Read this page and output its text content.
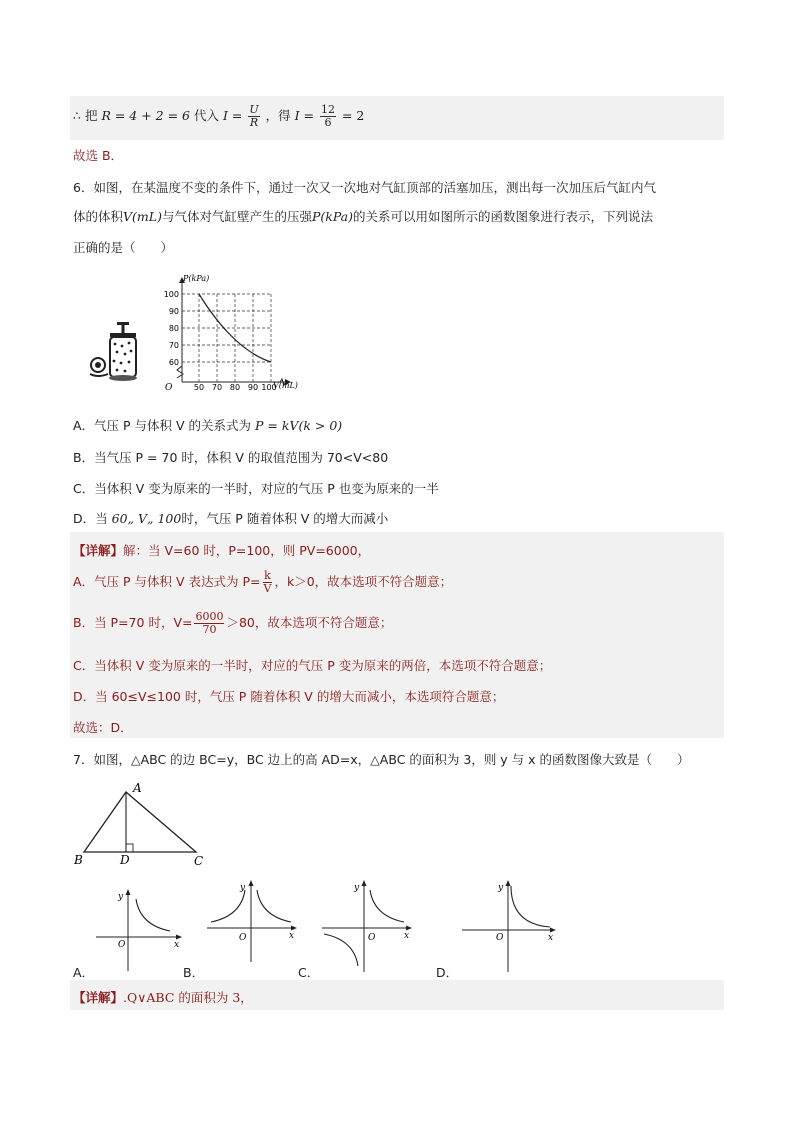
∴ 把 R = 4 + 2 = 6 代入 $I = \frac{U}{R}$ ，得 $I = \frac{12}{6} = 2$
故选 B．
6．如图，在某温度不变的条件下，通过一次又一次地对气缸顶部的活塞加压，测出每一次加压后气缸内气
体的体积V(mL)与气体对气缸壁产生的压强P(kPa)的关系可以用如图所示的函数图象进行表示，下列说法
正确的是（　　）
P(kPa)
V(mL)
O
100
90
80
70
60
50 70 80 90 100
A．气压 P 与体积 V 的关系式为 P = kV(k > 0)
B．当气压 P = 70 时，体积 V 的取值范围为 70<V<80
C．当体积 V 变为原来的一半时，对应的气压 P 也变为原来的一半
D．当 60„ V„ 100时，气压 P 随着体积 V 的增大而减小
【详解】解：当 V=60 时，P=100，则 PV=6000，
A．气压 P 与体积 V 表达式为 $P= \frac{k}{V}$ ，k＞0，故本选项不符合题意；
B．当 P=70 时，$V= \frac{6000}{70} >80$，故本选项不符合题意；
C．当体积 V 变为原来的一半时，对应的气压 P 变为原来的两倍，本选项不符合题意；
D．当 60≤V≤100 时，气压 P 随着体积 V 的增大而减小，本选项符合题意；
故选：D．
7．如图，△ABC 的边 BC=y，BC 边上的高 AD=x，△ABC 的面积为 3，则 y 与 x 的函数图像大致是（　　）
A
B	D	C
y
x
O
y
x
O
y
x
O
y
x
O
A．	B．	C．	D．
【详解】.Q∨ABC 的面积为 3，
